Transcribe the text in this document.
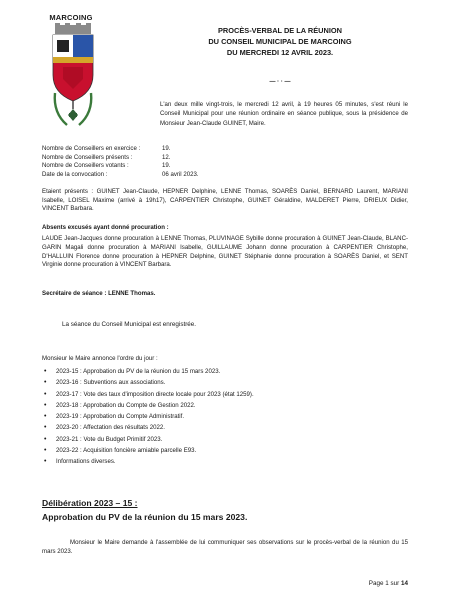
MARCOING
PROCÈS-VERBAL DE LA RÉUNION
DU CONSEIL MUNICIPAL DE MARCOING
DU MERCREDI 12 AVRIL 2023.
— · · —
L'an deux mille vingt-trois, le mercredi 12 avril, à 19 heures 05 minutes, s'est réuni le Conseil Municipal pour une réunion ordinaire en séance publique, sous la présidence de Monsieur Jean-Claude GUINET, Maire.
Nombre de Conseillers en exercice :	19.
Nombre de Conseillers présents :	12.
Nombre de Conseillers votants :	19.
Date de la convocation :	06 avril 2023.
Etaient présents : GUINET Jean-Claude, HEPNER Delphine, LENNE Thomas, SOARÈS Daniel, BERNARD Laurent, MARIANI Isabelle, LOISEL Maxime (arrivé à 19h17), CARPENTIER Christophe, GUINET Géraldine, MALDERET Pierre, DRIEUX Didier, VINCENT Barbara.
Absents excusés ayant donné procuration :
LAUDE Jean-Jacques donne procuration à LENNE Thomas, PLUVINAGE Sybille donne procuration à GUINET Jean-Claude, BLANC-GARIN Magali donne procuration à MARIANI Isabelle, GUILLAUME Johann donne procuration à CARPENTIER Christophe, D'HALLUIN Florence donne procuration à HEPNER Delphine, GUINET Stéphanie donne procuration à SOARÈS Daniel, et SENT Virginie donne procuration à VINCENT Barbara.
Secrétaire de séance : LENNE Thomas.
La séance du Conseil Municipal est enregistrée.
Monsieur le Maire annonce l'ordre du jour :
• 2023-15 : Approbation du PV de la réunion du 15 mars 2023.
• 2023-16 : Subventions aux associations.
• 2023-17 : Vote des taux d'imposition directe locale pour 2023 (état 1259).
• 2023-18 : Approbation du Compte de Gestion 2022.
• 2023-19 : Approbation du Compte Administratif.
• 2023-20 : Affectation des résultats 2022.
• 2023-21 : Vote du Budget Primitif 2023.
• 2023-22 : Acquisition foncière amiable parcelle E93.
• Informations diverses.
Délibération 2023 – 15 :
Approbation du PV de la réunion du 15 mars 2023.
Monsieur le Maire demande à l'assemblée de lui communiquer ses observations sur le procès-verbal de la réunion du 15 mars 2023.
Page 1 sur 14
